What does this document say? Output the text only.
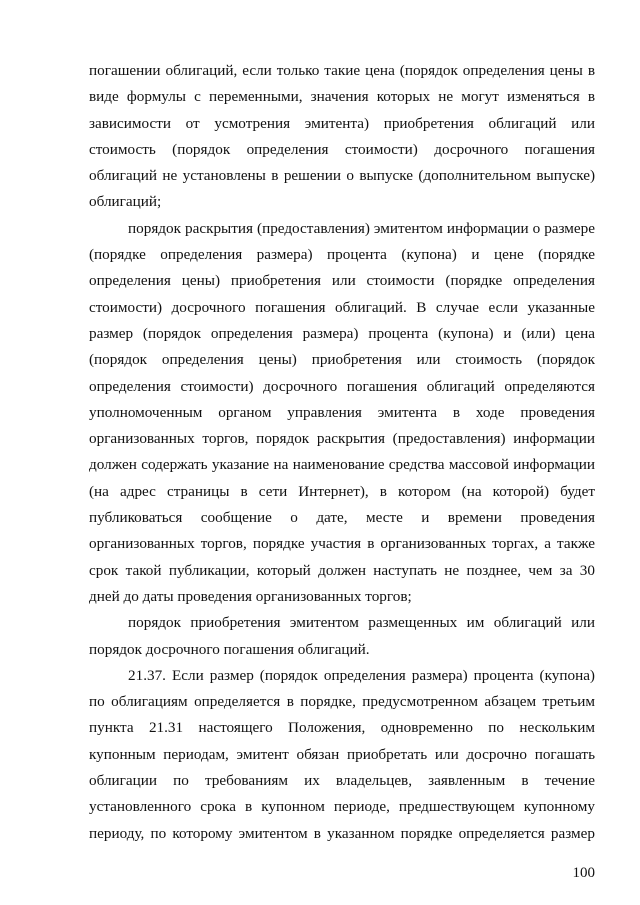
погашении облигаций, если только такие цена (порядок определения цены в
виде формулы с переменными, значения которых не могут изменяться в
зависимости от усмотрения эмитента) приобретения облигаций или
стоимость (порядок определения стоимости) досрочного погашения
облигаций не установлены в решении о выпуске (дополнительном выпуске)
облигаций;
порядок раскрытия (предоставления) эмитентом информации о размере
(порядке определения размера) процента (купона) и цене (порядке
определения цены) приобретения или стоимости (порядке определения
стоимости) досрочного погашения облигаций. В случае если указанные
размер (порядок определения размера) процента (купона) и (или) цена
(порядок определения цены) приобретения или стоимость (порядок
определения стоимости) досрочного погашения облигаций определяются
уполномоченным органом управления эмитента в ходе проведения
организованных торгов, порядок раскрытия (предоставления) информации
должен содержать указание на наименование средства массовой информации
(на адрес страницы в сети Интернет), в котором (на которой) будет
публиковаться сообщение о дате, месте и времени проведения
организованных торгов, порядке участия в организованных торгах, а также
срок такой публикации, который должен наступать не позднее, чем за 30
дней до даты проведения организованных торгов;
порядок приобретения эмитентом размещенных им облигаций или
порядок досрочного погашения облигаций.
21.37. Если размер (порядок определения размера) процента (купона)
по облигациям определяется в порядке, предусмотренном абзацем третьим
пункта 21.31 настоящего Положения, одновременно по нескольким
купонным периодам, эмитент обязан приобретать или досрочно погашать
облигации по требованиям их владельцев, заявленным в течение
установленного срока в купонном периоде, предшествующем купонному
периоду, по которому эмитентом в указанном порядке определяется размер
100
